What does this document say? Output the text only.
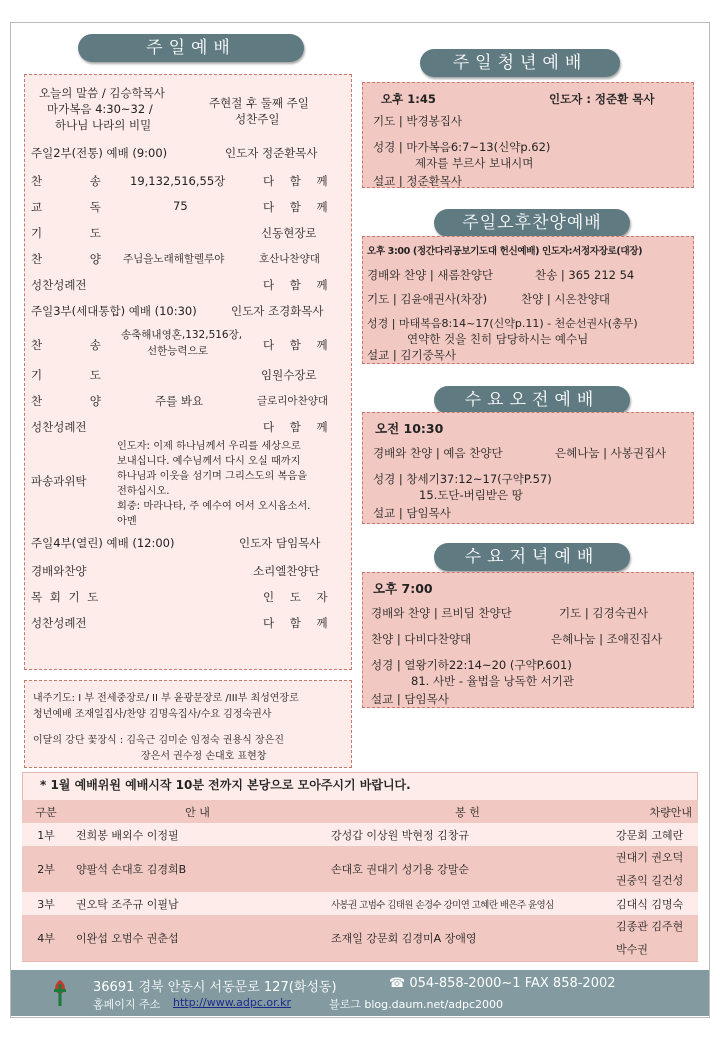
주일예배
오늘의 말씀 / 김승학목사
마가복음 4:30~32 /
하나님 나라의 비밀
주현절 후 둘째 주일
성찬주일
주일2부(전통) 예배 (9:00)	인도자 정준환목사
찬 송 19,132,516,55장	다 함 께
교 독	75	다 함 께
기 도	신동현장로
찬 양 주님을노래해할렐루야	호산나찬양대
성찬성례전	다 함 께
주일3부(세대통합) 예배 (10:30)	인도자 조경화목사
찬 송
송축해내영혼,132,516장,
선한능력으로	다 함 께
기 도	임원수장로
찬 양	주를 봐요	글로리아찬양대
성찬성례전	다 함 께
파송과위탁
인도자: 이제 하나님께서 우리를 세상으로
보내십니다. 예수님께서 다시 오실 때까지
하나님과 이웃을 섬기며 그리스도의 복음을
전하십시오.
회중: 마라나타, 주 예수여 어서 오시옵소서.
아멘
주일4부(열린) 예배 (12:00)	인도자 담임목사
경배와찬양	소리엘찬양단
목 회 기 도	인 도 자
성찬성례전	다 함 께
내주기도: I 부 전세중장로/ II 부 윤광문장로 /III부 최성연장로
청년예배 조재일집사/찬양 김명옥집사/수요 김정숙권사
이달의 강단 꽃장식 : 김옥근 김미순 임정숙 권용식 장은진
장은서 권수정 손대호 표현창
주일청년예배
오후 1:45	인도자 : 정준환 목사
기도 | 박경봉집사
성경 | 마가복음6:7~13(신약p.62)
제자를 부르사 보내시며
설교 | 정준환목사
주일오후찬양예배
오후 3:00 (정간다리공보기도대 헌신예배) 인도자:서정자장로(대장)
경배와 찬양 | 새롬찬양단	찬송 | 365 212 54
기도 | 김윤애권사(차장)	찬양 | 시온찬양대
성경 | 마태복음8:14~17(신약p.11) - 천순선권사(총무)
연약한 것을 친히 담당하시는 예수님
설교 | 김기중목사
수요오전예배
오전 10:30
경배와 찬양 | 예음 찬양단	은혜나눔 | 사봉권집사
성경 | 창세기37:12~17(구약P.57)
15.도단-버림받은 땅
설교 | 담임목사
수요저녁예배
오후 7:00
경배와 찬양 | 르비딤 찬양단	기도 | 김경숙권사
찬양 | 다비다찬양대	은혜나눔 | 조애진집사
성경 | 열왕기하22:14~20 (구약P.601)
81. 사반 - 율법을 낭독한 서기관
설교 | 담임목사
* 1월 예배위원 예배시작 10분 전까지 본당으로 모아주시기 바랍니다.
구분	안 내	봉 헌	차량안내
1부	전희봉 배외수 이정필	강성갑 이상원 박현정 김창규	강문회 고혜란
2부	양팔석 손대호 김경희B	손대호 권대기 성기용 강말순	권대기 권오덕
권중익 길건성

3부	권오탁 조주규 이필남	사봉권 고범수 김태원 손경수 강미연 고혜란 배은주 윤영심	김대식 김명숙
4부	이완섭 오범수 권춘섭	조재일 강문회 김경미A 장애영	김종관 김주현
박수권
36691 경북 안동시 서동문로 127(화성동)	☎ 054-858-2000~1 FAX 858-2002
홈페이지 주소 http://www.adpc.or.kr	블로그 blog.daum.net/adpc2000
